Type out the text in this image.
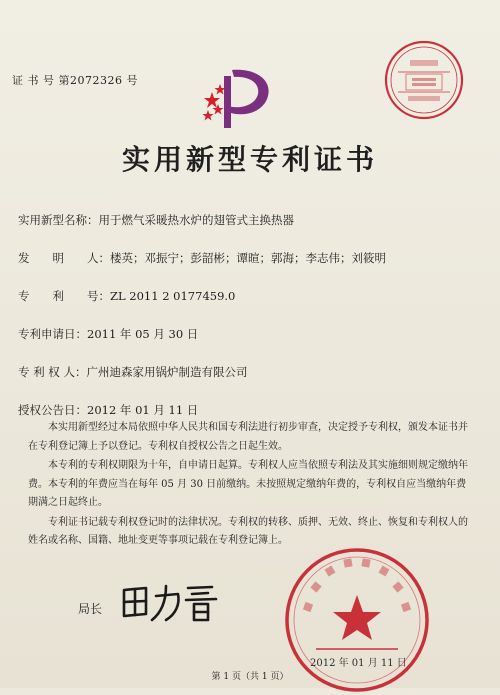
证 书 号 第2072326 号
实用新型专利证书
实用新型名称：用于燃气采暖热水炉的翅管式主换热器
发　　明　　人：楼英；邓振宁；彭韶彬；谭暄；郭海；李志伟；刘筱明
专　　利　　号：ZL 2011 2 0177459.0
专利申请日：2011 年 05 月 30 日
专 利 权 人：广州迪森家用锅炉制造有限公司
授权公告日：2012 年 01 月 11 日

本实用新型经过本局依照中华人民共和国专利法进行初步审查，决定授予专利权，颁发本证书并在专利登记簿上予以登记。专利权自授权公告之日起生效。

本专利的专利权期限为十年，自申请日起算。专利权人应当依照专利法及其实施细则规定缴纳年费。本专利的年费应当在每年 05 月 30 日前缴纳。未按照规定缴纳年费的，专利权自应当缴纳年费期满之日起终止。

专利证书记载专利权登记时的法律状况。专利权的转移、质押、无效、终止、恢复和专利权人的姓名或名称、国籍、地址变更等事项记载在专利登记簿上。

局长
2012 年 01 月 11 日
第 1 页（共 1 页）
